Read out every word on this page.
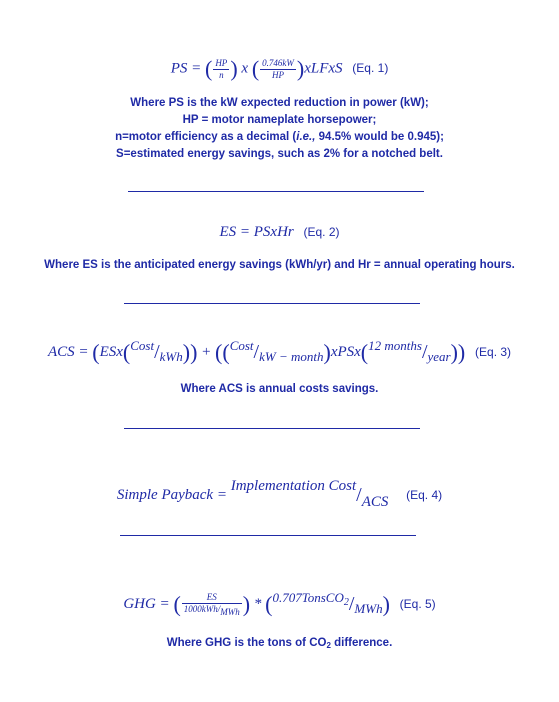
PS = ( $\frac{HP}{n}$ ) x ( $\frac{0.746kW}{HP}$ )xLFxS (Eq. 1)

Where PS is the kW expected reduction in power (kW);

HP = motor nameplate horsepower;

n=motor efficiency as a decimal (i.e., 94.5% would be 0.945);

S=estimated energy savings, such as 2% for a notched belt.

ES = PSxHr (Eq. 2)

Where ES is the anticipated energy savings (kWh/yr) and Hr = annual operating hours.

ACS = (ESx(Cost/kWh)) + ((Cost/kW − month)xPSx(12 months/year)) (Eq. 3)

Where ACS is annual costs savings.

Simple Payback = Implementation Cost/ACS (Eq. 4)
GHG = ( $\frac{ES}{\text{1000kWh/MWh}}$ ) * (0.707TonsCO$_2$/MWh) (Eq. 5)

Where GHG is the tons of CO2 difference.
